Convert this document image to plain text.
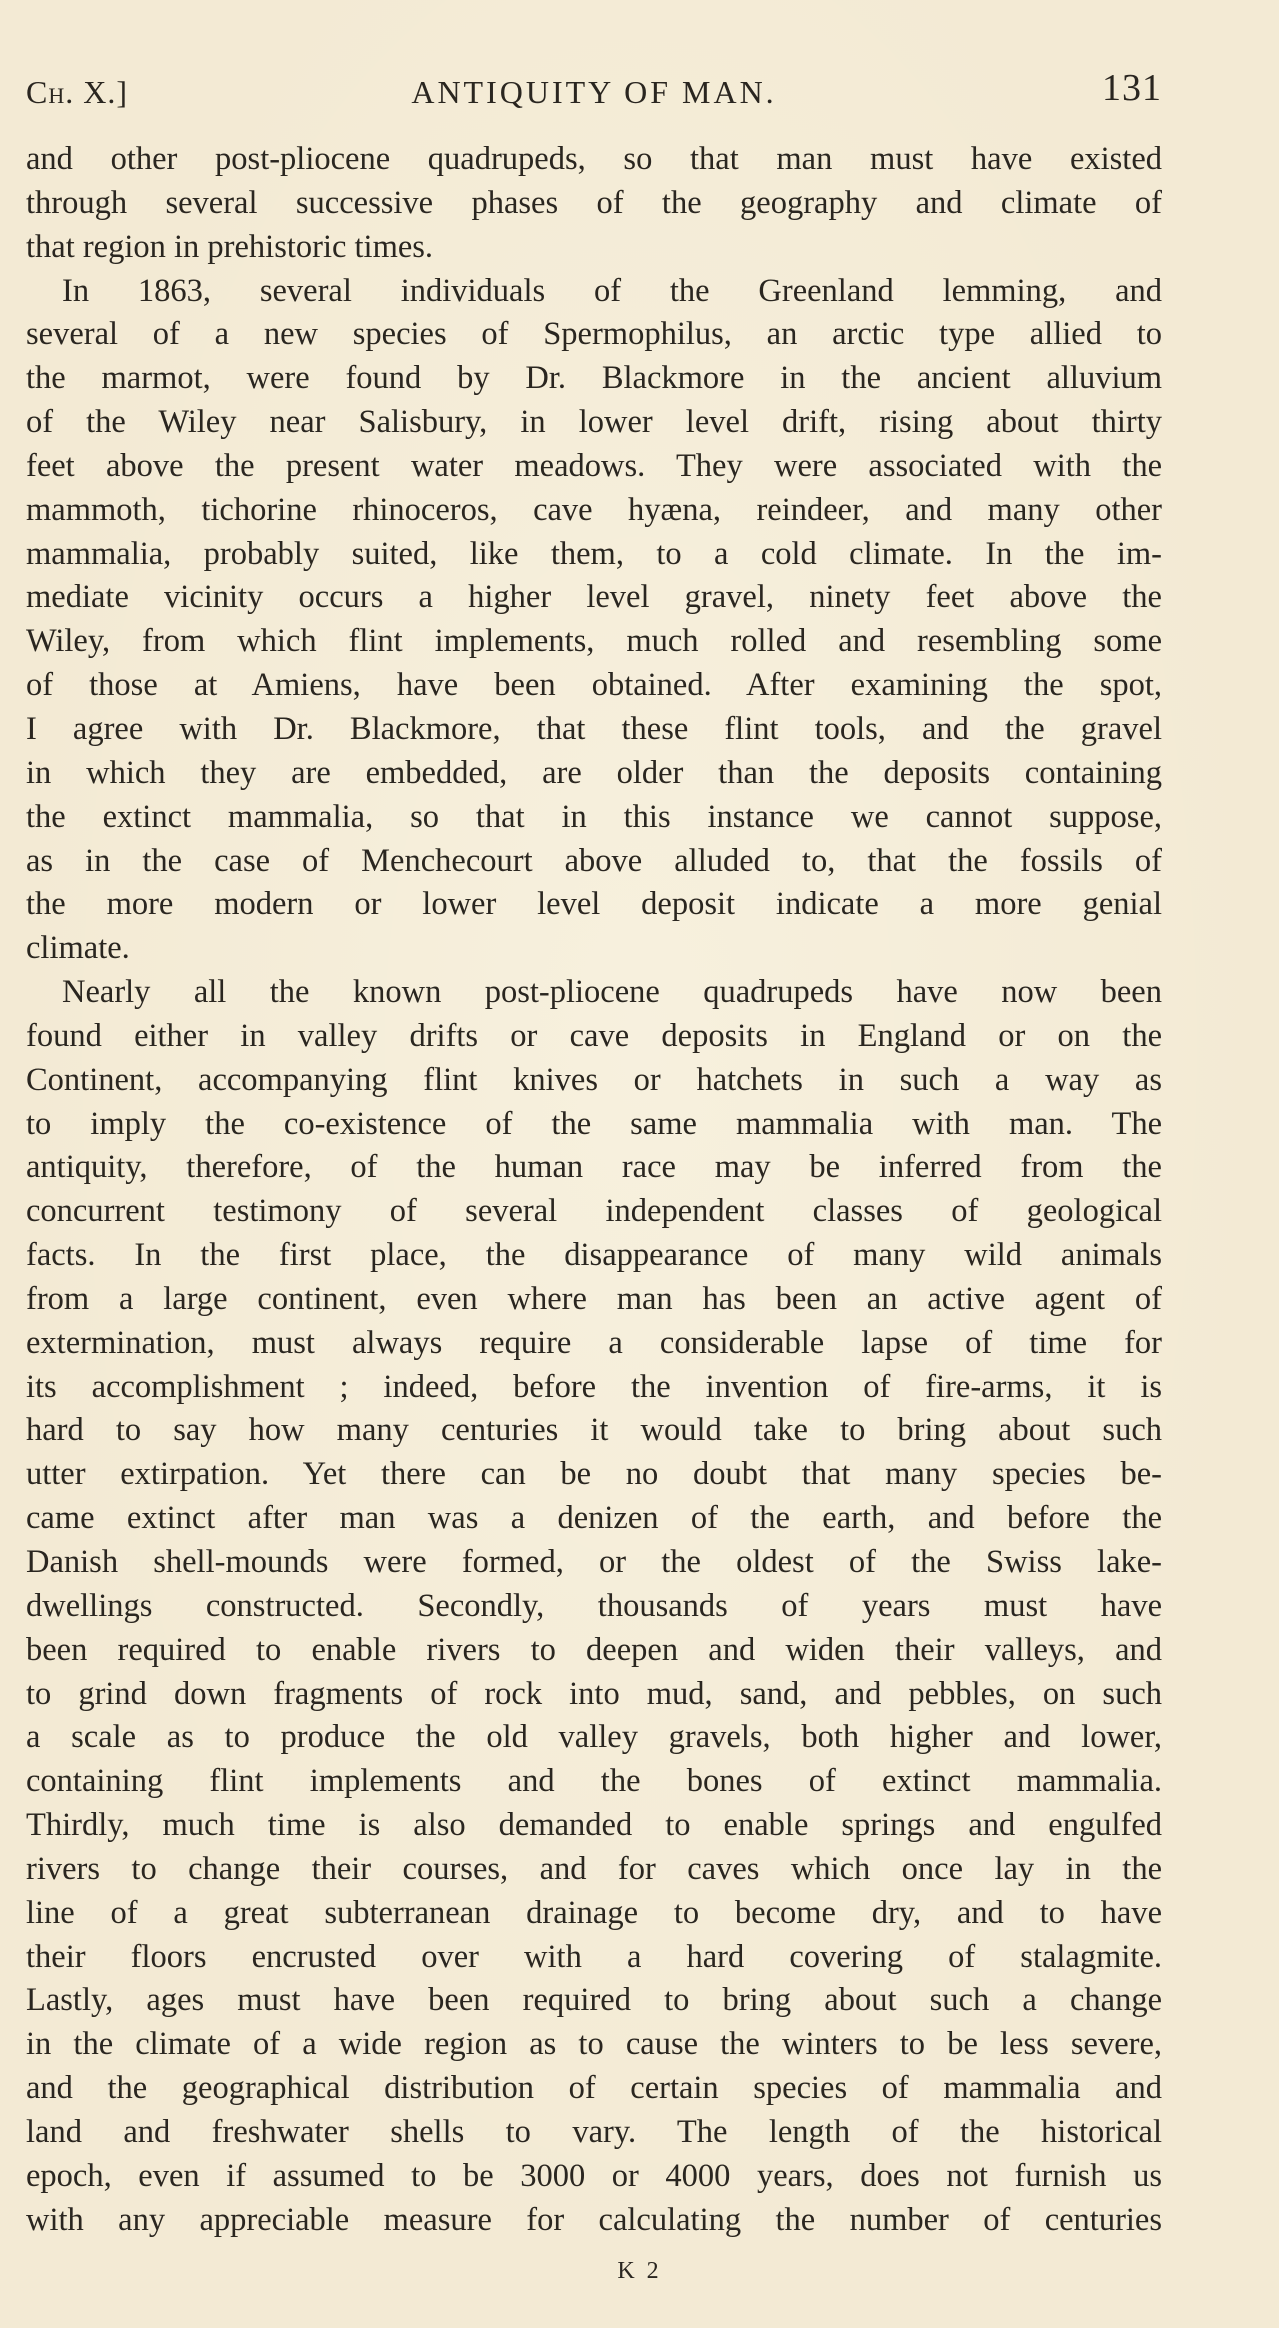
Ch. X.]	ANTIQUITY OF MAN.	131
and other post-pliocene quadrupeds, so that man must have existed
through several successive phases of the geography and climate of
that region in prehistoric times.
In 1863, several individuals of the Greenland lemming, and
several of a new species of Spermophilus, an arctic type allied to
the marmot, were found by Dr. Blackmore in the ancient alluvium
of the Wiley near Salisbury, in lower level drift, rising about thirty
feet above the present water meadows. They were associated with the
mammoth, tichorine rhinoceros, cave hyæna, reindeer, and many other
mammalia, probably suited, like them, to a cold climate. In the im-
mediate vicinity occurs a higher level gravel, ninety feet above the
Wiley, from which flint implements, much rolled and resembling some
of those at Amiens, have been obtained. After examining the spot,
I agree with Dr. Blackmore, that these flint tools, and the gravel
in which they are embedded, are older than the deposits containing
the extinct mammalia, so that in this instance we cannot suppose,
as in the case of Menchecourt above alluded to, that the fossils of
the more modern or lower level deposit indicate a more genial
climate.
Nearly all the known post-pliocene quadrupeds have now been
found either in valley drifts or cave deposits in England or on the
Continent, accompanying flint knives or hatchets in such a way as
to imply the co-existence of the same mammalia with man. The
antiquity, therefore, of the human race may be inferred from the
concurrent testimony of several independent classes of geological
facts. In the first place, the disappearance of many wild animals
from a large continent, even where man has been an active agent of
extermination, must always require a considerable lapse of time for
its accomplishment ; indeed, before the invention of fire-arms, it is
hard to say how many centuries it would take to bring about such
utter extirpation. Yet there can be no doubt that many species be-
came extinct after man was a denizen of the earth, and before the
Danish shell-mounds were formed, or the oldest of the Swiss lake-
dwellings constructed. Secondly, thousands of years must have
been required to enable rivers to deepen and widen their valleys, and
to grind down fragments of rock into mud, sand, and pebbles, on such
a scale as to produce the old valley gravels, both higher and lower,
containing flint implements and the bones of extinct mammalia.
Thirdly, much time is also demanded to enable springs and engulfed
rivers to change their courses, and for caves which once lay in the
line of a great subterranean drainage to become dry, and to have
their floors encrusted over with a hard covering of stalagmite.
Lastly, ages must have been required to bring about such a change
in the climate of a wide region as to cause the winters to be less severe,
and the geographical distribution of certain species of mammalia and
land and freshwater shells to vary. The length of the historical
epoch, even if assumed to be 3000 or 4000 years, does not furnish us
with any appreciable measure for calculating the number of centuries
K 2
